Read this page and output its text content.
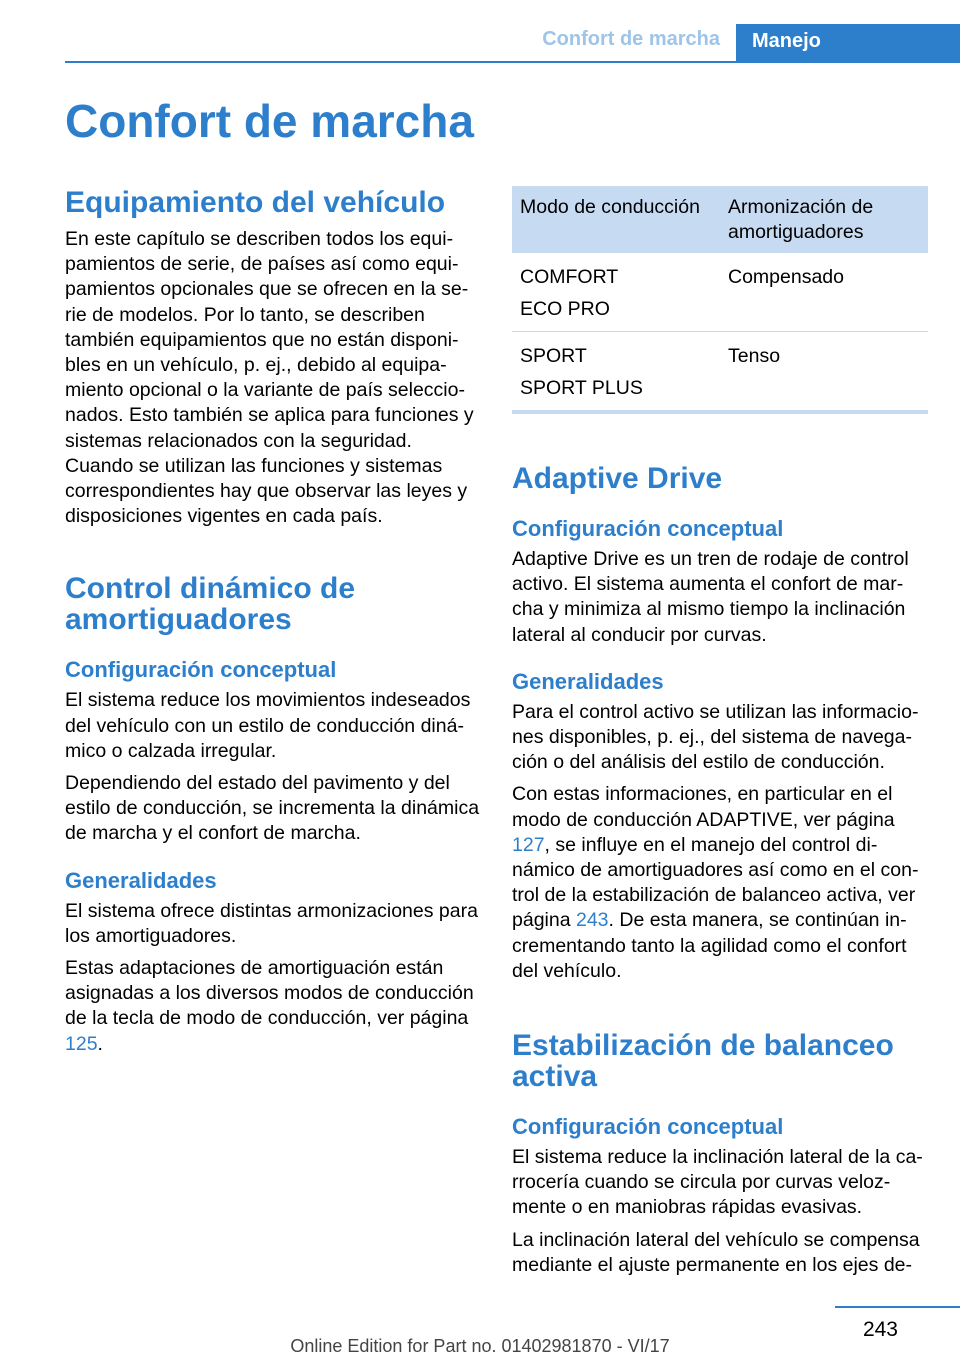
Confort de marcha	Manejo
Confort de marcha
Equipamiento del vehículo

En este capítulo se describen todos los equipamientos de serie, de países así como equipamientos opcionales que se ofrecen en la serie de modelos. Por lo tanto, se describen también equipamientos que no están disponibles en un vehículo, p. ej., debido al equipamiento opcional o la variante de país seleccionados. Esto también se aplica para funciones y sistemas relacionados con la seguridad. Cuando se utilizan las funciones y sistemas correspondientes hay que observar las leyes y disposiciones vigentes en cada país.

Control dinámico de amortiguadores
Configuración conceptual

El sistema reduce los movimientos indeseados del vehículo con un estilo de conducción dinámico o calzada irregular.

Dependiendo del estado del pavimento y del estilo de conducción, se incrementa la dinámica de marcha y el confort de marcha.

Generalidades

El sistema ofrece distintas armonizaciones para los amortiguadores.

Estas adaptaciones de amortiguación están asignadas a los diversos modos de conducción de la tecla de modo de conducción, ver página 125.

Modo de conducción	Armonización de amortiguadores

COMFORT
ECO PRO	Compensado

SPORT
SPORT PLUS	Tenso
Adaptive Drive
Configuración conceptual

Adaptive Drive es un tren de rodaje de control activo. El sistema aumenta el confort de marcha y minimiza al mismo tiempo la inclinación lateral al conducir por curvas.

Generalidades

Para el control activo se utilizan las informaciones disponibles, p. ej., del sistema de navegación o del análisis del estilo de conducción.

Con estas informaciones, en particular en el modo de conducción ADAPTIVE, ver página 127, se influye en el manejo del control dinámico de amortiguadores así como en el control de la estabilización de balanceo activa, ver página 243. De esta manera, se continúan incrementando tanto la agilidad como el confort del vehículo.

Estabilización de balanceo activa
Configuración conceptual

El sistema reduce la inclinación lateral de la carrocería cuando se circula por curvas velozmente o en maniobras rápidas evasivas.

La inclinación lateral del vehículo se compensa mediante el ajuste permanente en los ejes de-

243
Online Edition for Part no. 01402981870 - VI/17
